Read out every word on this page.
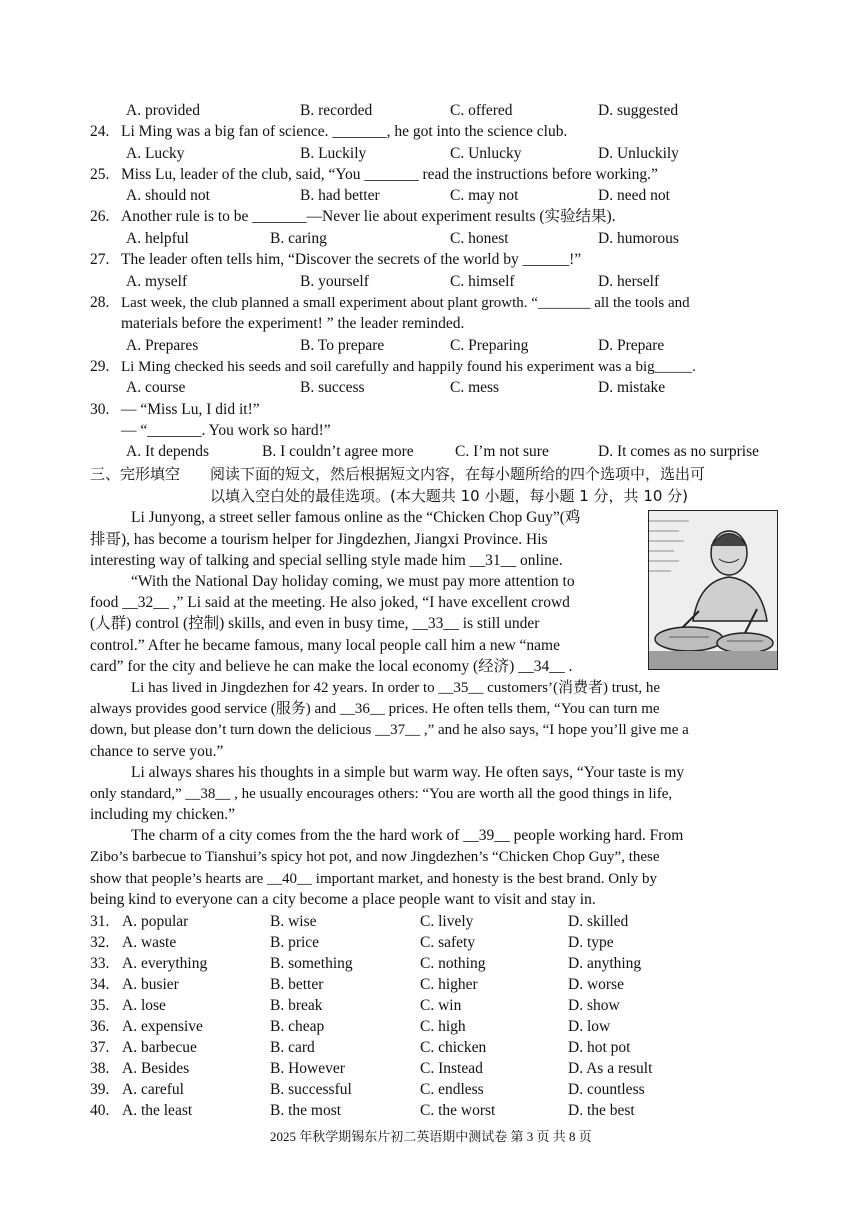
A. provided	B. recorded	C. offered	D. suggested
24. Li Ming was a big fan of science. _______, he got into the science club.
A. Lucky	B. Luckily	C. Unlucky	D. Unluckily
25. Miss Lu, leader of the club, said, “You _______ read the instructions before working.”
A. should not	B. had better	C. may not	D. need not
26. Another rule is to be _______—Never lie about experiment results (实验结果).
A. helpful	B. caring	C. honest	D. humorous
27. The leader often tells him, “Discover the secrets of the world by ______!”
A. myself	B. yourself	C. himself	D. herself
28. Last week, the club planned a small experiment about plant growth. “_______ all the tools and
materials before the experiment! ” the leader reminded.
A. Prepares	B. To prepare	C. Preparing	D. Prepare
29. Li Ming checked his seeds and soil carefully and happily found his experiment was a big_____.
A. course	B. success	C. mess	D. mistake
30. — “Miss Lu, I did it!”
— “_______. You work so hard!”
A. It depends	B. I couldn’t agree more	C. I’m not sure	D. It comes as no surprise
三、完形填空 阅读下面的短文，然后根据短文内容，在每小题所给的四个选项中，选出可
以填入空白处的最佳选项。(本大题共 10 小题，每小题 1 分，共 10 分)
Li Junyong, a street seller famous online as the “Chicken Chop Guy”(鸡
排哥), has become a tourism helper for Jingdezhen, Jiangxi Province. His
interesting way of talking and special selling style made him __31__ online.
“With the National Day holiday coming, we must pay more attention to
food __32__ ,” Li said at the meeting. He also joked, “I have excellent crowd
(人群) control (控制) skills, and even in busy time, __33__ is still under
control.” After he became famous, many local people call him a new “name
card” for the city and believe he can make the local economy (经济) __34__ .
Li has lived in Jingdezhen for 42 years. In order to __35__ customers’(消费者) trust, he
always provides good service (服务) and __36__ prices. He often tells them, “You can turn me
down, but please don’t turn down the delicious __37__ ,” and he also says, “I hope you’ll give me a
chance to serve you.”
Li always shares his thoughts in a simple but warm way. He often says, “Your taste is my
only standard,” __38__ , he usually encourages others: “You are worth all the good things in life,
including my chicken.”
The charm of a city comes from the the hard work of __39__ people working hard. From
Zibo’s barbecue to Tianshui’s spicy hot pot, and now Jingdezhen’s “Chicken Chop Guy”, these
show that people’s hearts are __40__ important market, and honesty is the best brand. Only by
being kind to everyone can a city become a place people want to visit and stay in.
31. A. popular	B. wise	C. lively	D. skilled
32. A. waste	B. price	C. safety	D. type
33. A. everything	B. something	C. nothing	D. anything
34. A. busier	B. better	C. higher	D. worse
35. A. lose	B. break	C. win	D. show
36. A. expensive	B. cheap	C. high	D. low
37. A. barbecue	B. card	C. chicken	D. hot pot
38. A. Besides	B. However	C. Instead	D. As a result
39. A. careful	B. successful	C. endless	D. countless
40. A. the least	B. the most	C. the worst	D. the best
2025 年秋学期锡东片初二英语期中测试卷 第 3 页 共 8 页
